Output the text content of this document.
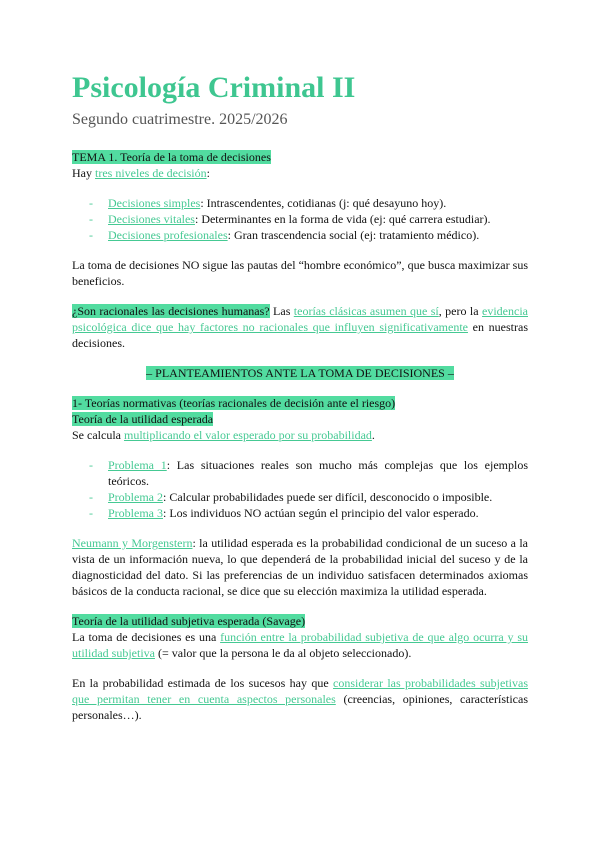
Psicología Criminal II
Segundo cuatrimestre. 2025/2026

TEMA 1. Teoría de la toma de decisiones

Hay tres niveles de decisión:

- Decisiones simples: Intrascendentes, cotidianas (j: qué desayuno hoy).
- Decisiones vitales: Determinantes en la forma de vida (ej: qué carrera estudiar).
- Decisiones profesionales: Gran trascendencia social (ej: tratamiento médico).

La toma de decisiones NO sigue las pautas del “hombre económico”, que busca maximizar sus beneficios.

¿Son racionales las decisiones humanas? Las teorías clásicas asumen que sí, pero la evidencia psicológica dice que hay factores no racionales que influyen significativamente en nuestras decisiones.

– PLANTEAMIENTOS ANTE LA TOMA DE DECISIONES –

1- Teorías normativas (teorías racionales de decisión ante el riesgo)

Teoría de la utilidad esperada

Se calcula multiplicando el valor esperado por su probabilidad.

- Problema 1: Las situaciones reales son mucho más complejas que los ejemplos teóricos.
- Problema 2: Calcular probabilidades puede ser difícil, desconocido o imposible.
- Problema 3: Los individuos NO actúan según el principio del valor esperado.

Neumann y Morgenstern: la utilidad esperada es la probabilidad condicional de un suceso a la vista de un información nueva, lo que dependerá de la probabilidad inicial del suceso y de la diagnosticidad del dato. Si las preferencias de un individuo satisfacen determinados axiomas básicos de la conducta racional, se dice que su elección maximiza la utilidad esperada.

Teoría de la utilidad subjetiva esperada (Savage)

La toma de decisiones es una función entre la probabilidad subjetiva de que algo ocurra y su utilidad subjetiva (= valor que la persona le da al objeto seleccionado).

En la probabilidad estimada de los sucesos hay que considerar las probabilidades subjetivas que permitan tener en cuenta aspectos personales (creencias, opiniones, características personales…).
